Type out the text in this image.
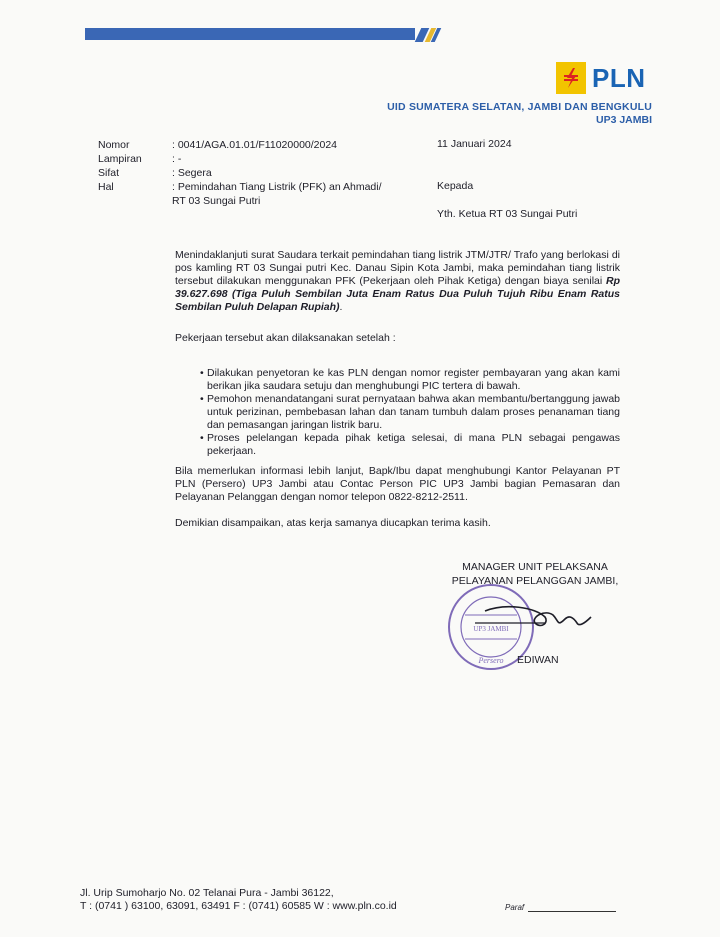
PLN
UID SUMATERA SELATAN, JAMBI DAN BENGKULU
UP3 JAMBI
Nomor	: 0041/AGA.01.01/F11020000/2024
Lampiran	: -
Sifat	: Segera
Hal	: Pemindahan Tiang Listrik (PFK) an Ahmadi/
RT 03 Sungai Putri
11 Januari 2024
Kepada
Yth. Ketua RT 03 Sungai Putri
Menindaklanjuti surat Saudara terkait pemindahan tiang listrik JTM/JTR/ Trafo yang berlokasi di pos kamling RT 03 Sungai putri Kec. Danau Sipin Kota Jambi, maka pemindahan tiang listrik tersebut dilakukan menggunakan PFK (Pekerjaan oleh Pihak Ketiga) dengan biaya senilai Rp 39.627.698 (Tiga Puluh Sembilan Juta Enam Ratus Dua Puluh Tujuh Ribu Enam Ratus Sembilan Puluh Delapan Rupiah).
Pekerjaan tersebut akan dilaksanakan setelah :
• Dilakukan penyetoran ke kas PLN dengan nomor register pembayaran yang akan kami berikan jika saudara setuju dan menghubungi PIC tertera di bawah.
• Pemohon menandatangani surat pernyataan bahwa akan membantu/bertanggung jawab untuk perizinan, pembebasan lahan dan tanam tumbuh dalam proses penanaman tiang dan pemasangan jaringan listrik baru.
• Proses pelelangan kepada pihak ketiga selesai, di mana PLN sebagai pengawas pekerjaan.
Bila memerlukan informasi lebih lanjut, Bapk/Ibu dapat menghubungi Kantor Pelayanan PT PLN (Persero) UP3 Jambi atau Contac Person PIC UP3 Jambi bagian Pemasaran dan Pelayanan Pelanggan dengan nomor telepon 0822-8212-2511.
Demikian disampaikan, atas kerja samanya diucapkan terima kasih.
MANAGER UNIT PELAKSANA
PELAYANAN PELANGGAN JAMBI,
UP3 JAMBI
Persero EDIWAN
Jl. Urip Sumoharjo No. 02 Telanai Pura - Jambi 36122,
T : (0741 ) 63100, 63091, 63491 F : (0741) 60585 W : www.pln.co.id	Paraf
